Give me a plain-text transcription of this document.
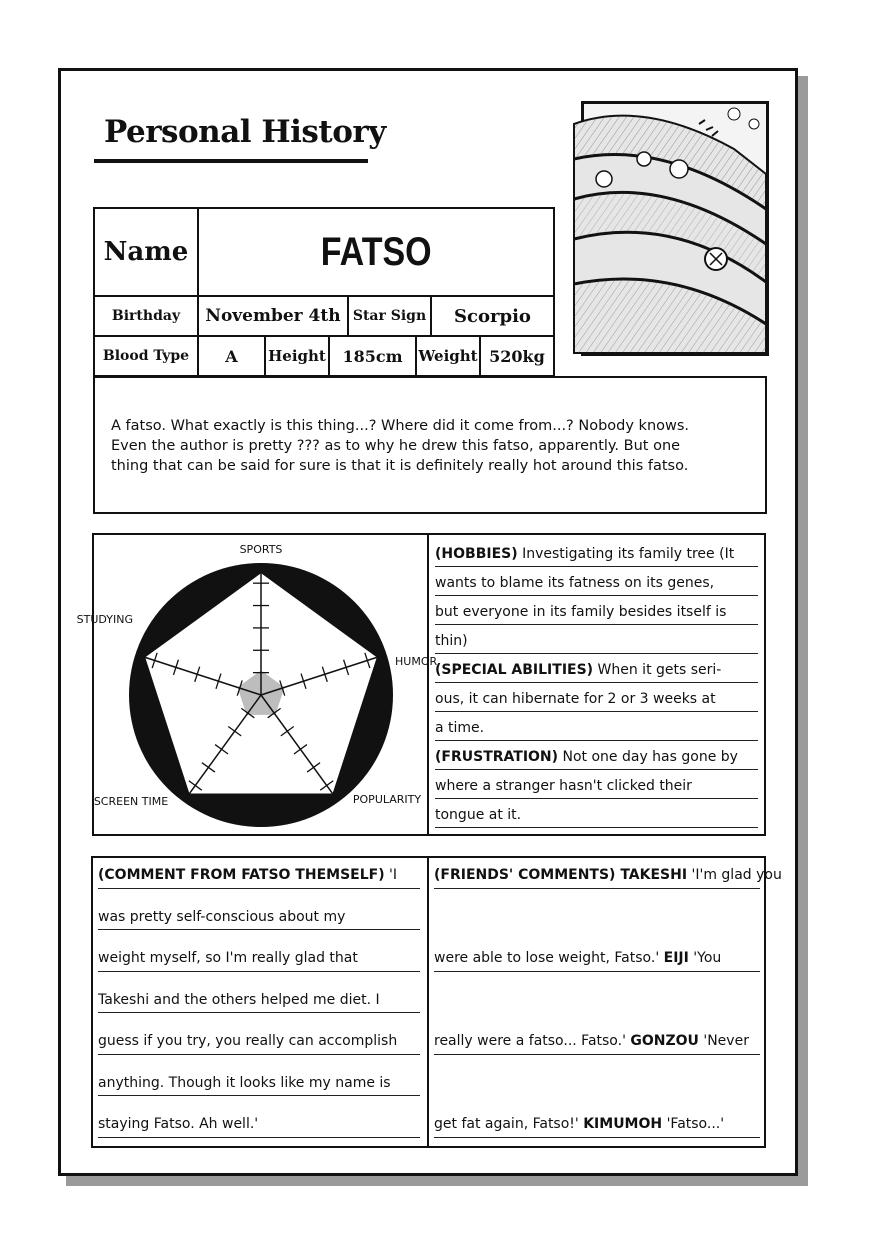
Personal History
Name	FATSO
Birthday November 4th Star Sign Scorpio
Blood Type A Height 185cm Weight 520kg
A fatso. What exactly is this thing...? Where did it come from...? Nobody knows.
Even the author is pretty ??? as to why he drew this fatso, apparently. But one
thing that can be said for sure is that it is definitely really hot around this fatso.
SPORTS
HUMOR
POPULARITY
SCREEN TIME
STUDYING
(HOBBIES) Investigating its family tree (It
wants to blame its fatness on its genes,
but everyone in its family besides itself is
thin)
(SPECIAL ABILITIES) When it gets seri-
ous, it can hibernate for 2 or 3 weeks at
a time.
(FRUSTRATION) Not one day has gone by
where a stranger hasn't clicked their
tongue at it.
(COMMENT FROM FATSO THEMSELF) 'I
was pretty self-conscious about my
weight myself, so I'm really glad that
Takeshi and the others helped me diet. I
guess if you try, you really can accomplish
anything. Though it looks like my name is
staying Fatso. Ah well.'
(FRIENDS' COMMENTS) TAKESHI 'I'm glad you
were able to lose weight, Fatso.' EIJI 'You
really were a fatso... Fatso.' GONZOU 'Never
get fat again, Fatso!' KIMUMOH 'Fatso...'
